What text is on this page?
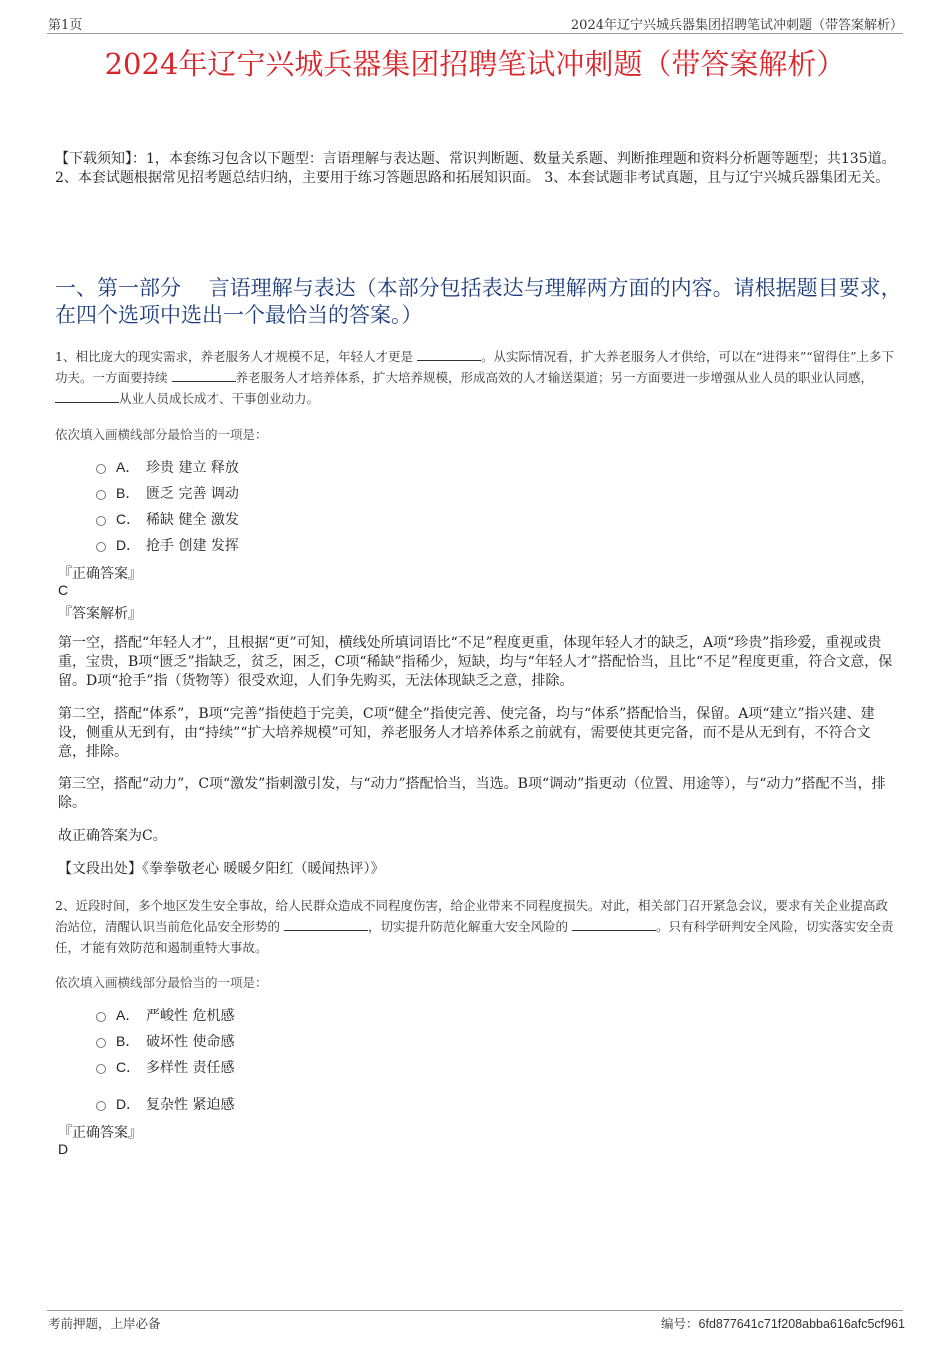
第1页	2024年辽宁兴城兵器集团招聘笔试冲刺题（带答案解析）
2024年辽宁兴城兵器集团招聘笔试冲刺题（带答案解析）
【下载须知】：1，本套练习包含以下题型：言语理解与表达题、常识判断题、数量关系题、判断推理题和资料分析题等题型；共135道。 2、本套试题根据常见招考题总结归纳，主要用于练习答题思路和拓展知识面。 3、本套试题非考试真题，且与辽宁兴城兵器集团无关。
一、第一部分　 言语理解与表达（本部分包括表达与理解两方面的内容。请根据题目要求，在四个选项中选出一个最恰当的答案。）
1、相比庞大的现实需求，养老服务人才规模不足，年轻人才更是	。从实际情况看，扩大养老服务人才供给，可以在“进得来”“留得住”上多下功夫。一方面要持续	养老服务人才培养体系，扩大培养规模，形成高效的人才输送渠道；另一方面要进一步增强从业人员的职业认同感， 从业人员成长成才、干事创业动力。
依次填入画横线部分最恰当的一项是：
A． 珍贵 建立 释放
B． 匮乏 完善 调动
C． 稀缺 健全 激发
D． 抢手 创建 发挥
『正确答案』
C
『答案解析』
第一空，搭配“年轻人才”，且根据“更”可知，横线处所填词语比“不足”程度更重，体现年轻人才的缺乏，A项“珍贵”指珍爱，重视或贵重，宝贵，B项“匮乏”指缺乏，贫乏，困乏，C项“稀缺”指稀少，短缺，均与“年轻人才”搭配恰当，且比“不足”程度更重，符合文意，保留。D项“抢手”指（货物等）很受欢迎，人们争先购买，无法体现缺乏之意，排除。
第二空，搭配“体系”，B项“完善”指使趋于完美，C项“健全”指使完善、使完备，均与“体系”搭配恰当，保留。A项“建立”指兴建、建设，侧重从无到有，由“持续”“扩大培养规模”可知，养老服务人才培养体系之前就有，需要使其更完备，而不是从无到有，不符合文意，排除。
第三空，搭配“动力”，C项“激发”指刺激引发，与“动力”搭配恰当，当选。B项“调动”指更动（位置、用途等），与“动力”搭配不当，排除。
故正确答案为C。
【文段出处】《拳拳敬老心 暖暖夕阳红（暖闻热评）》
2、近段时间，多个地区发生安全事故，给人民群众造成不同程度伤害，给企业带来不同程度损失。对此，相关部门召开紧急会议，要求有关企业提高政治站位，清醒认识当前危化品安全形势的	，切实提升防范化解重大安全风险的	。只有科学研判安全风险，切实落实安全责任，才能有效防范和遏制重特大事故。
依次填入画横线部分最恰当的一项是：
A． 严峻性 危机感
B． 破坏性 使命感
C． 多样性 责任感
D． 复杂性 紧迫感
『正确答案』
D
考前押题，上岸必备	编号：6fd877641c71f208abba616afc5cf961
